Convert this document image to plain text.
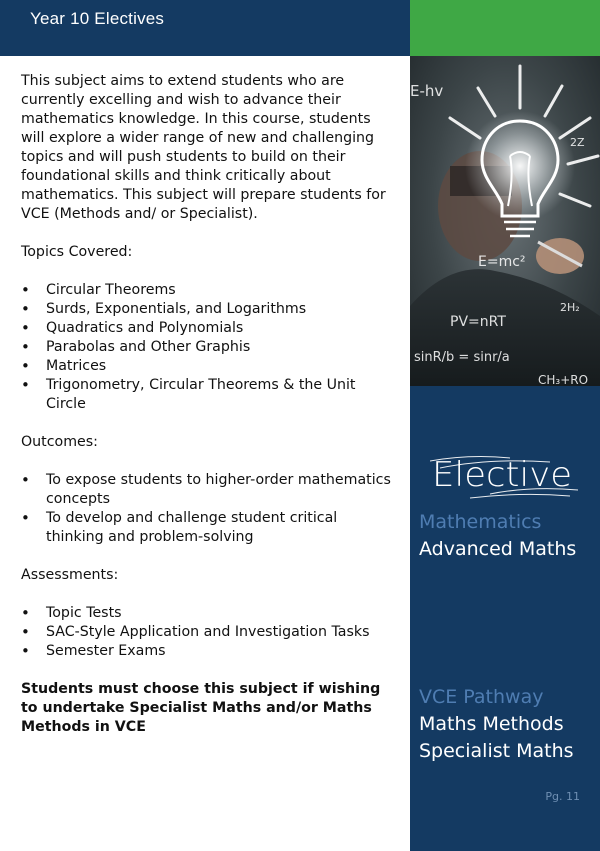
Year 10 Electives
E-hv
E=mc²
PV=nRT
sinR/b = sinr/a
CH₃+RO
2H₂
2Z

This subject aims to extend students who are currently excelling and wish to advance their mathematics knowledge. In this course, students will explore a wider range of new and challenging topics and will push students to build on their foundational skills and think critically about mathematics. This subject will prepare students for VCE (Methods and/ or Specialist).

Topics Covered:

• Circular Theorems
• Surds, Exponentials, and Logarithms
• Quadratics and Polynomials
• Parabolas and Other Graphis
• Matrices
• Trigonometry, Circular Theorems & the Unit Circle

Outcomes:

• To expose students to higher-order mathematics concepts
• To develop and challenge student critical thinking and problem-solving

Assessments:

• Topic Tests
• SAC-Style Application and Investigation Tasks
• Semester Exams

Students must choose this subject if wishing to undertake Specialist Maths and/or Maths Methods in VCE

Elective
Mathematics
Advanced Maths
VCE Pathway
Maths Methods
Specialist Maths
Pg. 11
